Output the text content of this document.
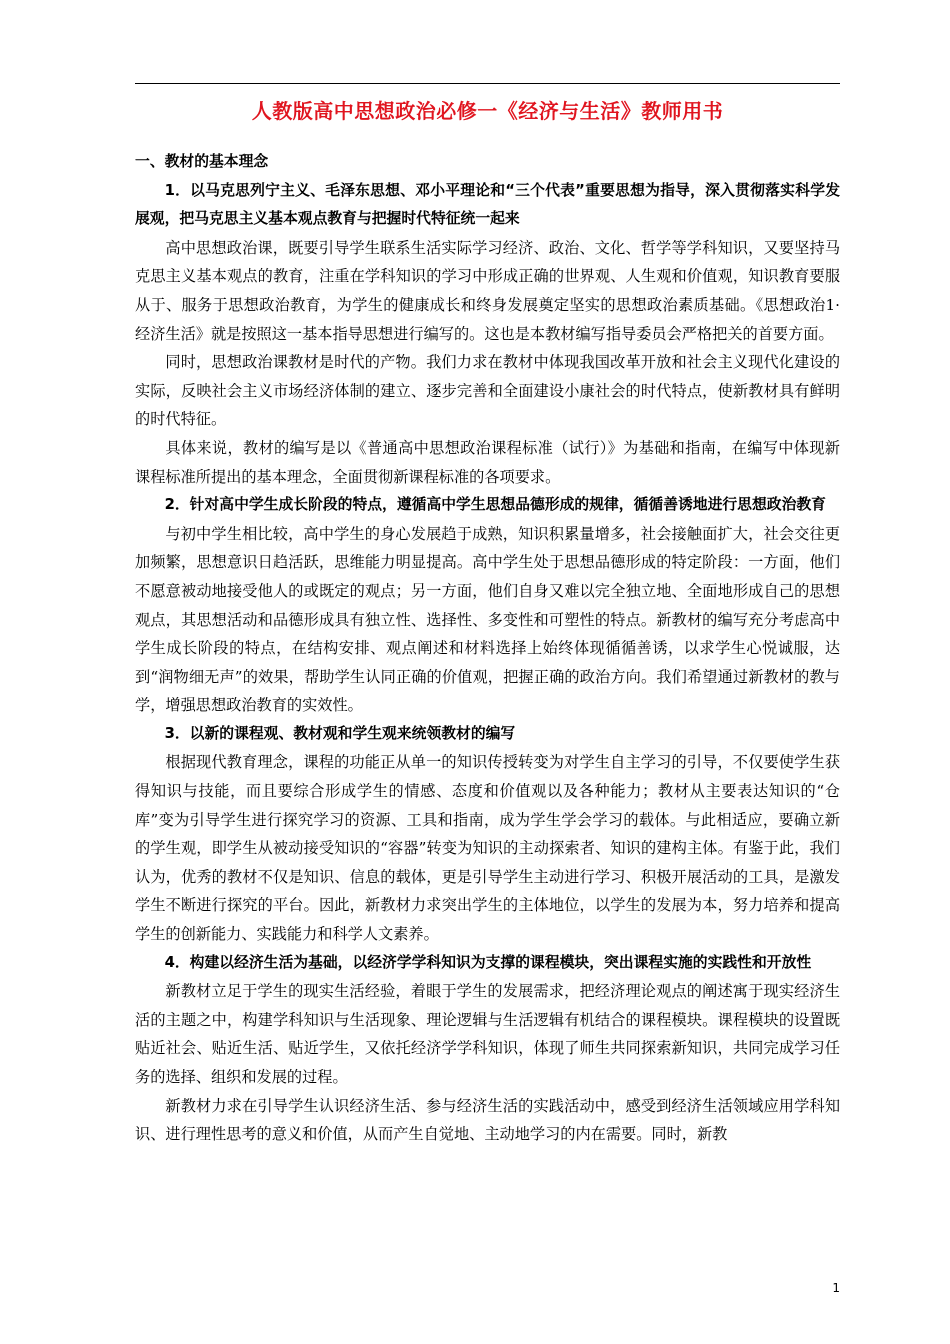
人教版高中思想政治必修一《经济与生活》教师用书

一、教材的基本理念

1．以马克思列宁主义、毛泽东思想、邓小平理论和“三个代表”重要思想为指导，深入贯彻落实科学发展观，把马克思主义基本观点教育与把握时代特征统一起来

高中思想政治课，既要引导学生联系生活实际学习经济、政治、文化、哲学等学科知识，又要坚持马克思主义基本观点的教育，注重在学科知识的学习中形成正确的世界观、人生观和价值观，知识教育要服从于、服务于思想政治教育，为学生的健康成长和终身发展奠定坚实的思想政治素质基础。《思想政治1·经济生活》就是按照这一基本指导思想进行编写的。这也是本教材编写指导委员会严格把关的首要方面。

同时，思想政治课教材是时代的产物。我们力求在教材中体现我国改革开放和社会主义现代化建设的实际，反映社会主义市场经济体制的建立、逐步完善和全面建设小康社会的时代特点，使新教材具有鲜明的时代特征。

具体来说，教材的编写是以《普通高中思想政治课程标准（试行）》为基础和指南，在编写中体现新课程标准所提出的基本理念，全面贯彻新课程标准的各项要求。

2．针对高中学生成长阶段的特点，遵循高中学生思想品德形成的规律，循循善诱地进行思想政治教育

与初中学生相比较，高中学生的身心发展趋于成熟，知识积累量增多，社会接触面扩大，社会交往更加频繁，思想意识日趋活跃，思维能力明显提高。高中学生处于思想品德形成的特定阶段：一方面，他们不愿意被动地接受他人的或既定的观点；另一方面，他们自身又难以完全独立地、全面地形成自己的思想观点，其思想活动和品德形成具有独立性、选择性、多变性和可塑性的特点。新教材的编写充分考虑高中学生成长阶段的特点，在结构安排、观点阐述和材料选择上始终体现循循善诱，以求学生心悦诚服，达到“润物细无声”的效果，帮助学生认同正确的价值观，把握正确的政治方向。我们希望通过新教材的教与学，增强思想政治教育的实效性。

3．以新的课程观、教材观和学生观来统领教材的编写

根据现代教育理念，课程的功能正从单一的知识传授转变为对学生自主学习的引导，不仅要使学生获得知识与技能，而且要综合形成学生的情感、态度和价值观以及各种能力；教材从主要表达知识的“仓库”变为引导学生进行探究学习的资源、工具和指南，成为学生学会学习的载体。与此相适应，要确立新的学生观，即学生从被动接受知识的“容器”转变为知识的主动探索者、知识的建构主体。有鉴于此，我们认为，优秀的教材不仅是知识、信息的载体，更是引导学生主动进行学习、积极开展活动的工具，是激发学生不断进行探究的平台。因此，新教材力求突出学生的主体地位，以学生的发展为本，努力培养和提高学生的创新能力、实践能力和科学人文素养。

4．构建以经济生活为基础，以经济学学科知识为支撑的课程模块，突出课程实施的实践性和开放性

新教材立足于学生的现实生活经验，着眼于学生的发展需求，把经济理论观点的阐述寓于现实经济生活的主题之中，构建学科知识与生活现象、理论逻辑与生活逻辑有机结合的课程模块。课程模块的设置既贴近社会、贴近生活、贴近学生，又依托经济学学科知识，体现了师生共同探索新知识，共同完成学习任务的选择、组织和发展的过程。

新教材力求在引导学生认识经济生活、参与经济生活的实践活动中，感受到经济生活领域应用学科知识、进行理性思考的意义和价值，从而产生自觉地、主动地学习的内在需要。同时，新教

1
